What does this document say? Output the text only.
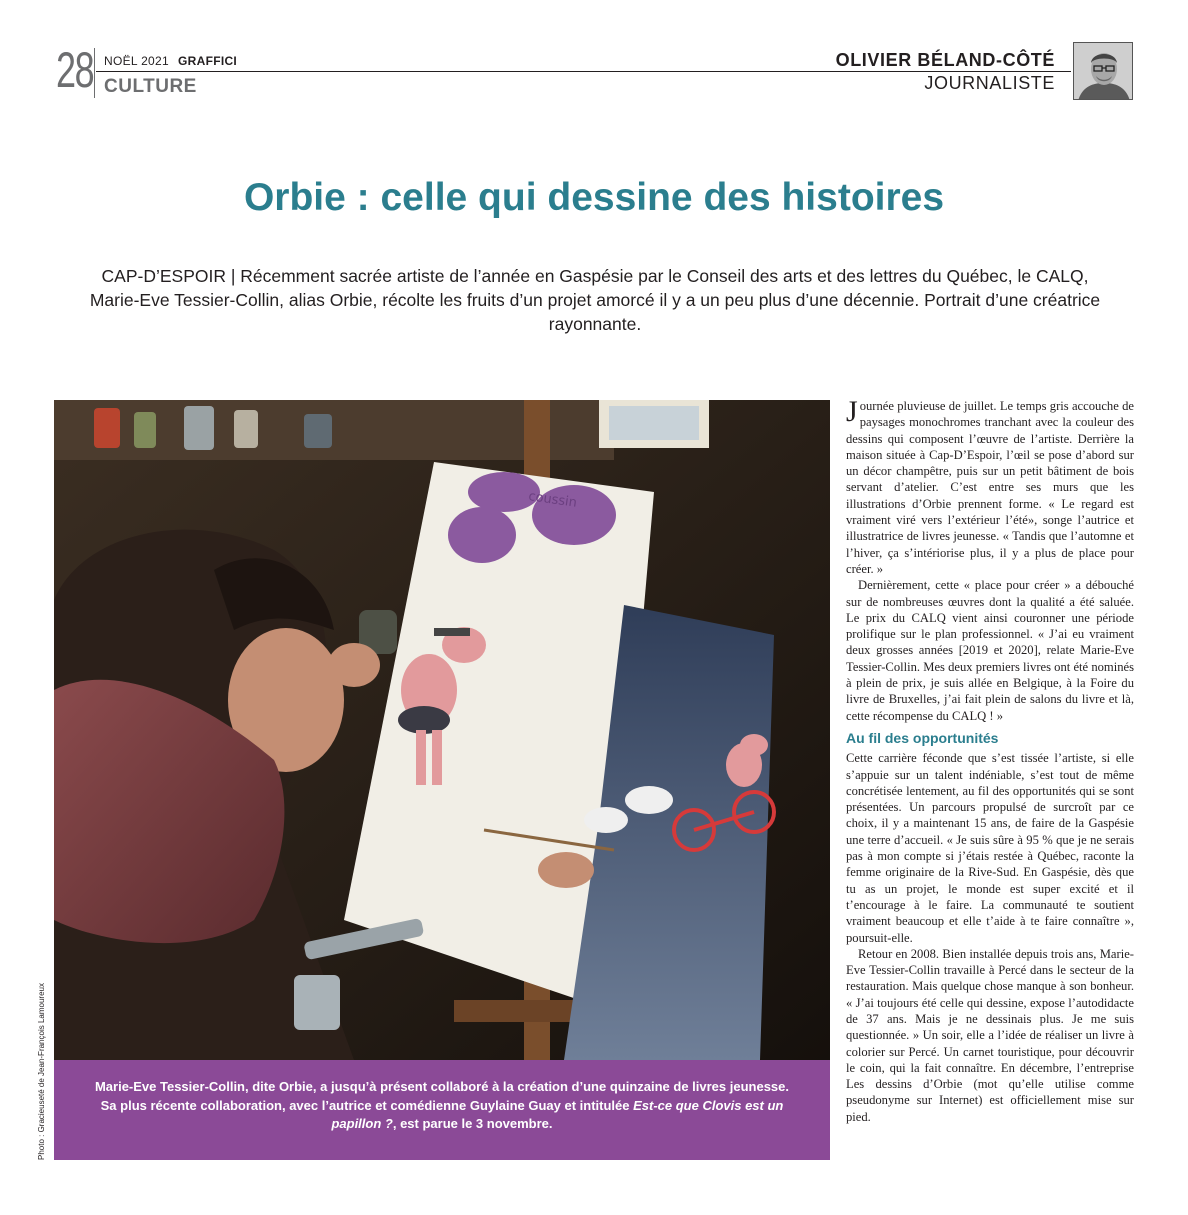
28 NOËL 2021 GRAFFICI
CULTURE
OLIVIER BÉLAND-CÔTÉ
JOURNALISTE
Orbie : celle qui dessine des histoires

CAP-D’ESPOIR | Récemment sacrée artiste de l’année en Gaspésie par le Conseil des arts et des lettres du Québec, le CALQ, Marie-Eve Tessier-Collin, alias Orbie, récolte les fruits d’un projet amorcé il y a un peu plus d’une décennie. Portrait d’une créatrice rayonnante.

coussin
Marie-Eve Tessier-Collin, dite Orbie, a jusqu’à présent collaboré à la création d’une quinzaine de livres jeunesse. Sa plus récente collaboration, avec l’autrice et comédienne Guylaine Guay et intitulée Est-ce que Clovis est un papillon ?, est parue le 3 novembre.
Photo : Gracieuseté de Jean-François Lamoureux

Journée pluvieuse de juillet. Le temps gris accouche de paysages monochromes tranchant avec la couleur des dessins qui composent l’œuvre de l’artiste. Derrière la maison située à Cap-D’Espoir, l’œil se pose d’abord sur un décor champêtre, puis sur un petit bâtiment de bois servant d’atelier. C’est entre ses murs que les illustrations d’Orbie prennent forme. « Le regard est vraiment viré vers l’extérieur l’été», songe l’autrice et illustratrice de livres jeunesse. « Tandis que l’automne et l’hiver, ça s’intériorise plus, il y a plus de place pour créer. »

Dernièrement, cette « place pour créer » a débouché sur de nombreuses œuvres dont la qualité a été saluée. Le prix du CALQ vient ainsi couronner une période prolifique sur le plan professionnel. « J’ai eu vraiment deux grosses années [2019 et 2020], relate Marie-Eve Tessier-Collin. Mes deux premiers livres ont été nominés à plein de prix, je suis allée en Belgique, à la Foire du livre de Bruxelles, j’ai fait plein de salons du livre et là, cette récompense du CALQ ! »

Au fil des opportunités

Cette carrière féconde que s’est tissée l’artiste, si elle s’appuie sur un talent indéniable, s’est tout de même concrétisée lentement, au fil des opportunités qui se sont présentées. Un parcours propulsé de surcroît par ce choix, il y a maintenant 15 ans, de faire de la Gaspésie une terre d’accueil. « Je suis sûre à 95 % que je ne serais pas à mon compte si j’étais restée à Québec, raconte la femme originaire de la Rive-Sud. En Gaspésie, dès que tu as un projet, le monde est super excité et il t’encourage à le faire. La communauté te soutient vraiment beaucoup et elle t’aide à te faire connaître », poursuit-elle.

Retour en 2008. Bien installée depuis trois ans, Marie-Eve Tessier-Collin travaille à Percé dans le secteur de la restauration. Mais quelque chose manque à son bonheur. « J’ai toujours été celle qui dessine, expose l’autodidacte de 37 ans. Mais je ne dessinais plus. Je me suis questionnée. » Un soir, elle a l’idée de réaliser un livre à colorier sur Percé. Un carnet touristique, pour découvrir le coin, qui la fait connaître. En décembre, l’entreprise Les dessins d’Orbie (mot qu’elle utilise comme pseudonyme sur Internet) est officiellement mise sur pied.
